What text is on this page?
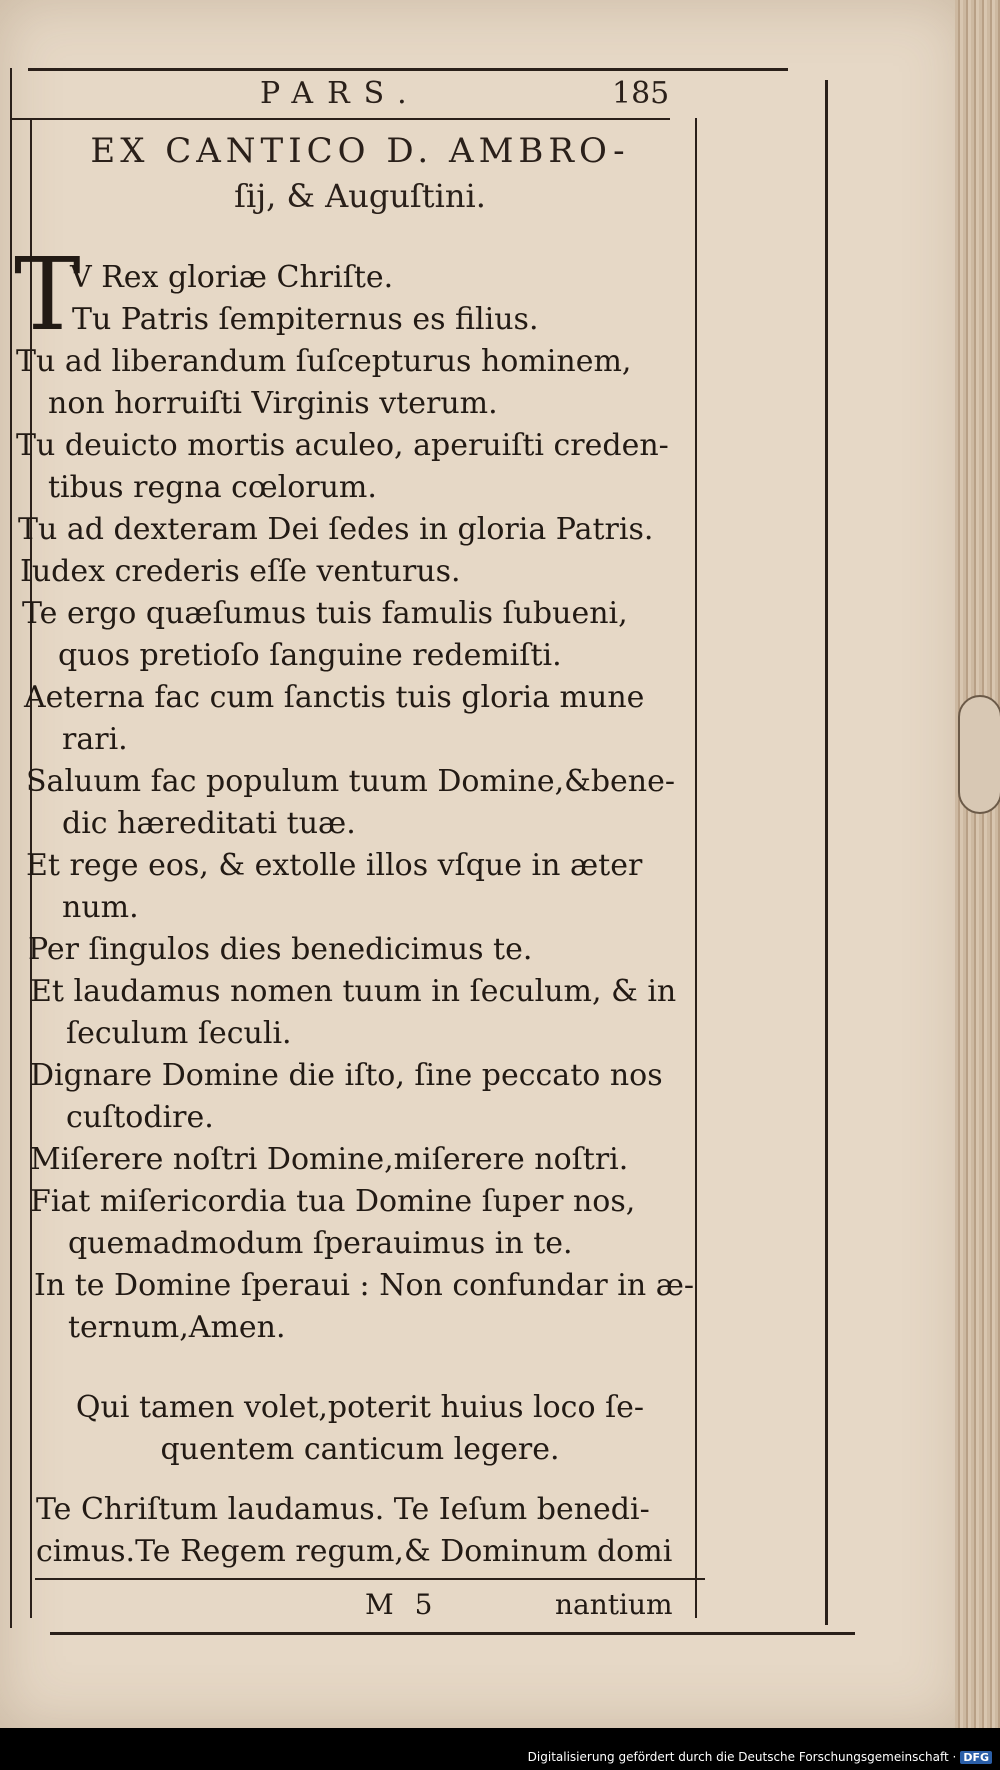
PARS.	185
EX CANTICO D. AMBRO-
ſij, & Auguſtini.
T
V Rex gloriæ Chriſte.
Tu Patris ſempiternus es filius.
Tu ad liberandum ſuſcepturus hominem,
non horruiſti Virginis vterum.
Tu deuicto mortis aculeo, aperuiſti creden-
tibus regna cœlorum.
Tu ad dexteram Dei ſedes in gloria Patris.
Iudex crederis eſſe venturus.
Te ergo quæſumus tuis famulis ſubueni,
quos pretioſo ſanguine redemiſti.
Aeterna fac cum ſanctis tuis gloria mune
rari.
Saluum fac populum tuum Domine,&bene-
dic hæreditati tuæ.
Et rege eos, & extolle illos vſque in æter
num.
Per ſingulos dies benedicimus te.
Et laudamus nomen tuum in ſeculum, & in
ſeculum ſeculi.
Dignare Domine die iſto, ſine peccato nos
cuſtodire.
Miſerere noſtri Domine,miſerere noſtri.
Fiat miſericordia tua Domine ſuper nos,
quemadmodum ſperauimus in te.
In te Domine ſperaui : Non confundar in æ-
ternum,Amen.
Qui tamen volet,poterit huius loco ſe-
quentem canticum legere.
Te Chriſtum laudamus. Te Ieſum benedi-
cimus.Te Regem regum,& Dominum domi
M 5	nantium
Digitalisierung gefördert durch die Deutsche Forschungsgemeinschaft · DFG
